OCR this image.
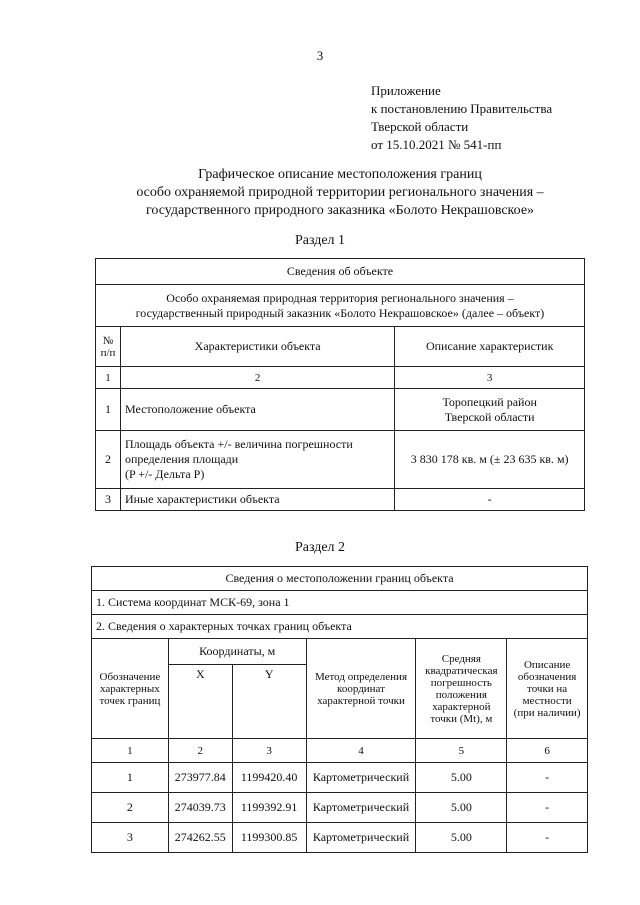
3
Приложение
к постановлению Правительства
Тверской области
от 15.10.2021 № 541-пп
Графическое описание местоположения границ
особо охраняемой природной территории регионального значения –
государственного природного заказника «Болото Некрашовское»
Раздел 1
Сведения об объекте		

Особо охраняемая природная территория регионального значения –
государственный природный заказник «Болото Некрашовское» (далее – объект)		

№ п/п	Характеристики объекта	Описание характеристик
1	2	3
1	Местоположение объекта	Торопецкий район
Тверской области

2	Площадь объекта +/- величина погрешности
определения площади
(P +/- Дельта P)	3 830 178 кв. м (± 23 635 кв. м)
3	Иные характеристики объекта	-
Раздел 2
Сведения о местоположении границ объекта					
1. Система координат МСК-69, зона 1					
2. Сведения о характерных точках границ объекта					
Обозначение характерных точек границ	Координаты, м		Метод определения координат характерной точки	Средняя квадратическая погрешность положения характерной точки (Mt), м	Описание обозначения точки на местности (при наличии)
	X	Y			
1	2	3	4	5	6
1	273977.84	1199420.40	Картометрический	5.00	-
2	274039.73	1199392.91	Картометрический	5.00	-
3	274262.55	1199300.85	Картометрический	5.00	-
